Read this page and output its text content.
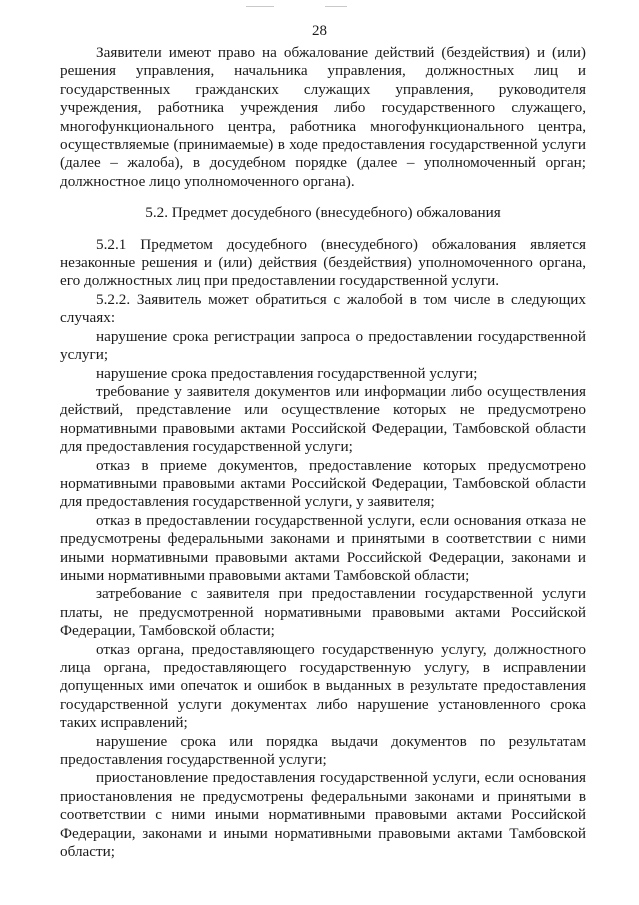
28

Заявители имеют право на обжалование действий (бездействия) и (или) решения управления, начальника управления, должностных лиц и государственных гражданских служащих управления, руководителя учреждения, работника учреждения либо государственного служащего, многофункционального центра, работника многофункционального центра, осуществляемые (принимаемые) в ходе предоставления государственной услуги (далее – жалоба), в досудебном порядке (далее – уполномоченный орган; должностное лицо уполномоченного органа).

5.2. Предмет досудебного (внесудебного) обжалования

5.2.1 Предметом досудебного (внесудебного) обжалования является незаконные решения и (или) действия (бездействия) уполномоченного органа, его должностных лиц при предоставлении государственной услуги.

5.2.2. Заявитель может обратиться с жалобой в том числе в следующих случаях:

нарушение срока регистрации запроса о предоставлении государственной услуги;

нарушение срока предоставления государственной услуги;

требование у заявителя документов или информации либо осуществления действий, представление или осуществление которых не предусмотрено нормативными правовыми актами Российской Федерации, Тамбовской области для предоставления государственной услуги;

отказ в приеме документов, предоставление которых предусмотрено нормативными правовыми актами Российской Федерации, Тамбовской области для предоставления государственной услуги, у заявителя;

отказ в предоставлении государственной услуги, если основания отказа не предусмотрены федеральными законами и принятыми в соответствии с ними иными нормативными правовыми актами Российской Федерации, законами и иными нормативными правовыми актами Тамбовской области;

затребование с заявителя при предоставлении государственной услуги платы, не предусмотренной нормативными правовыми актами Российской Федерации, Тамбовской области;

отказ органа, предоставляющего государственную услугу, должностного лица органа, предоставляющего государственную услугу, в исправлении допущенных ими опечаток и ошибок в выданных в результате предоставления государственной услуги документах либо нарушение установленного срока таких исправлений;

нарушение срока или порядка выдачи документов по результатам предоставления государственной услуги;

приостановление предоставления государственной услуги, если основания приостановления не предусмотрены федеральными законами и принятыми в соответствии с ними иными нормативными правовыми актами Российской Федерации, законами и иными нормативными правовыми актами Тамбовской области;
